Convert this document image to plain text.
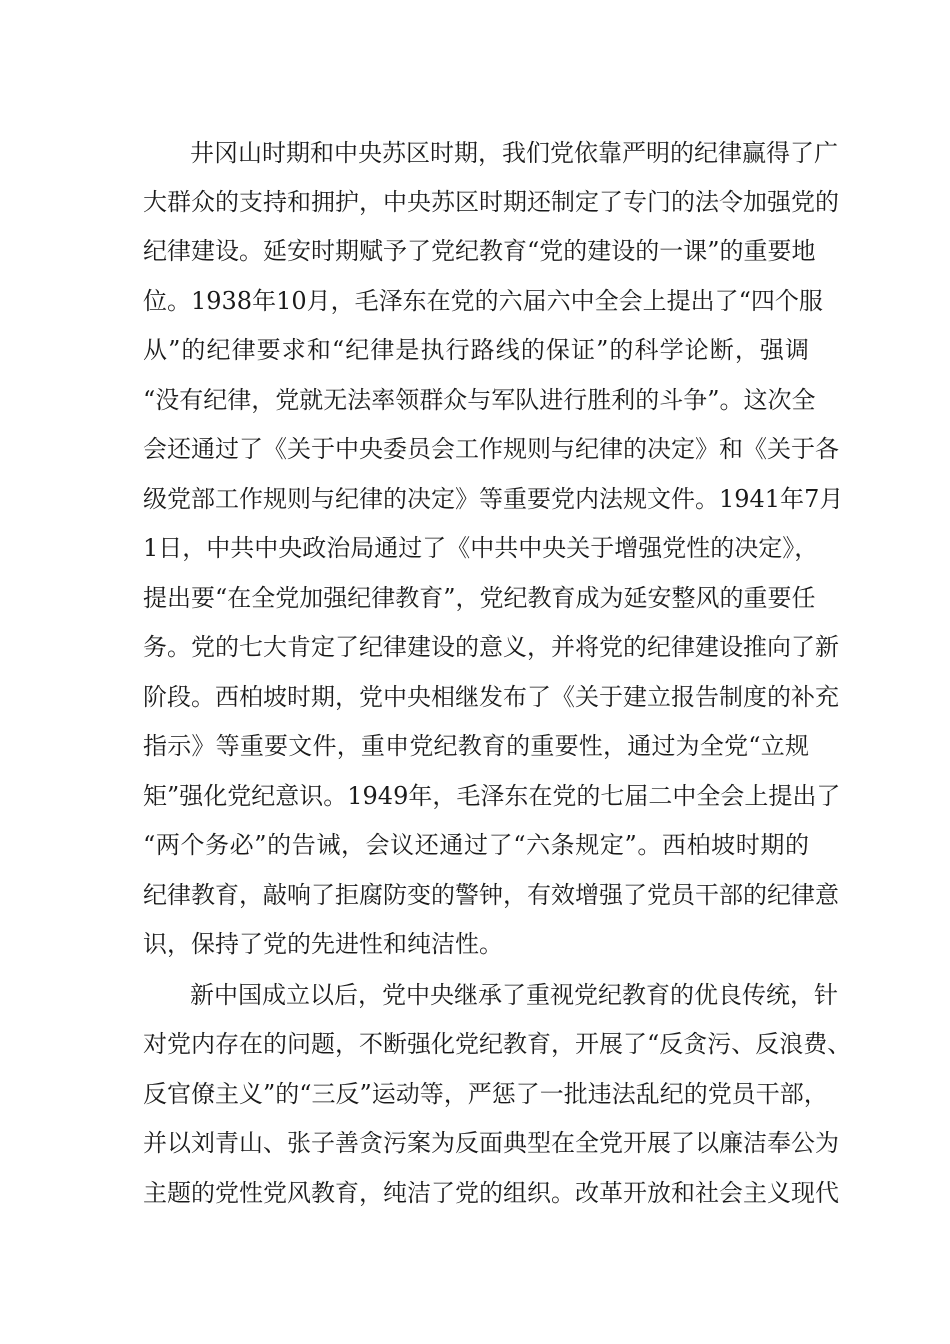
井冈山时期和中央苏区时期，我们党依靠严明的纪律赢得了广
大群众的支持和拥护，中央苏区时期还制定了专门的法令加强党的
纪律建设。延安时期赋予了党纪教育“党的建设的一课”的重要地
位。1938年10月，毛泽东在党的六届六中全会上提出了“四个服
从”的纪律要求和“纪律是执行路线的保证”的科学论断，强调
“没有纪律，党就无法率领群众与军队进行胜利的斗争”。这次全
会还通过了《关于中央委员会工作规则与纪律的决定》和《关于各
级党部工作规则与纪律的决定》等重要党内法规文件。1941年7月
1日，中共中央政治局通过了《中共中央关于增强党性的决定》，
提出要“在全党加强纪律教育”，党纪教育成为延安整风的重要任
务。党的七大肯定了纪律建设的意义，并将党的纪律建设推向了新
阶段。西柏坡时期，党中央相继发布了《关于建立报告制度的补充
指示》等重要文件，重申党纪教育的重要性，通过为全党“立规
矩”强化党纪意识。1949年，毛泽东在党的七届二中全会上提出了
“两个务必”的告诫，会议还通过了“六条规定”。西柏坡时期的
纪律教育，敲响了拒腐防变的警钟，有效增强了党员干部的纪律意
识，保持了党的先进性和纯洁性。
新中国成立以后，党中央继承了重视党纪教育的优良传统，针
对党内存在的问题，不断强化党纪教育，开展了“反贪污、反浪费、
反官僚主义”的“三反”运动等，严惩了一批违法乱纪的党员干部，
并以刘青山、张子善贪污案为反面典型在全党开展了以廉洁奉公为
主题的党性党风教育，纯洁了党的组织。改革开放和社会主义现代
